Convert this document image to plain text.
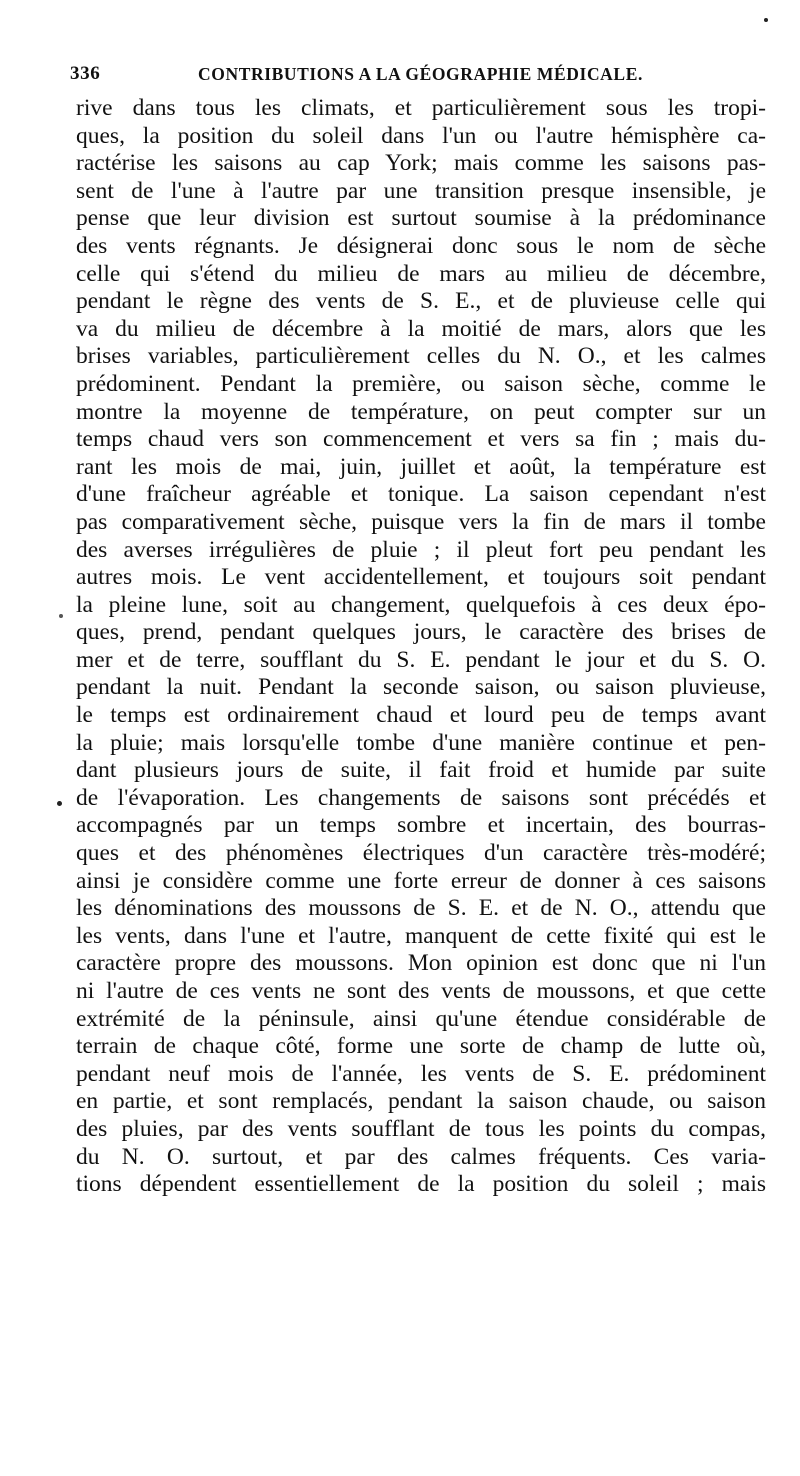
336	CONTRIBUTIONS A LA GÉOGRAPHIE MÉDICALE.
rive dans tous les climats, et particulièrement sous les tropi-
ques, la position du soleil dans l'un ou l'autre hémisphère ca-
ractérise les saisons au cap York; mais comme les saisons pas-
sent de l'une à l'autre par une transition presque insensible, je
pense que leur division est surtout soumise à la prédominance
des vents régnants. Je désignerai donc sous le nom de sèche
celle qui s'étend du milieu de mars au milieu de décembre,
pendant le règne des vents de S. E., et de pluvieuse celle qui
va du milieu de décembre à la moitié de mars, alors que les
brises variables, particulièrement celles du N. O., et les calmes
prédominent. Pendant la première, ou saison sèche, comme le
montre la moyenne de température, on peut compter sur un
temps chaud vers son commencement et vers sa fin ; mais du-
rant les mois de mai, juin, juillet et août, la température est
d'une fraîcheur agréable et tonique. La saison cependant n'est
pas comparativement sèche, puisque vers la fin de mars il tombe
des averses irrégulières de pluie ; il pleut fort peu pendant les
autres mois. Le vent accidentellement, et toujours soit pendant
la pleine lune, soit au changement, quelquefois à ces deux épo-
ques, prend, pendant quelques jours, le caractère des brises de
mer et de terre, soufflant du S. E. pendant le jour et du S. O.
pendant la nuit. Pendant la seconde saison, ou saison pluvieuse,
le temps est ordinairement chaud et lourd peu de temps avant
la pluie; mais lorsqu'elle tombe d'une manière continue et pen-
dant plusieurs jours de suite, il fait froid et humide par suite
de l'évaporation. Les changements de saisons sont précédés et
accompagnés par un temps sombre et incertain, des bourras-
ques et des phénomènes électriques d'un caractère très-modéré;
ainsi je considère comme une forte erreur de donner à ces saisons
les dénominations des moussons de S. E. et de N. O., attendu que
les vents, dans l'une et l'autre, manquent de cette fixité qui est le
caractère propre des moussons. Mon opinion est donc que ni l'un
ni l'autre de ces vents ne sont des vents de moussons, et que cette
extrémité de la péninsule, ainsi qu'une étendue considérable de
terrain de chaque côté, forme une sorte de champ de lutte où,
pendant neuf mois de l'année, les vents de S. E. prédominent
en partie, et sont remplacés, pendant la saison chaude, ou saison
des pluies, par des vents soufflant de tous les points du compas,
du N. O. surtout, et par des calmes fréquents. Ces varia-
tions dépendent essentiellement de la position du soleil ; mais
